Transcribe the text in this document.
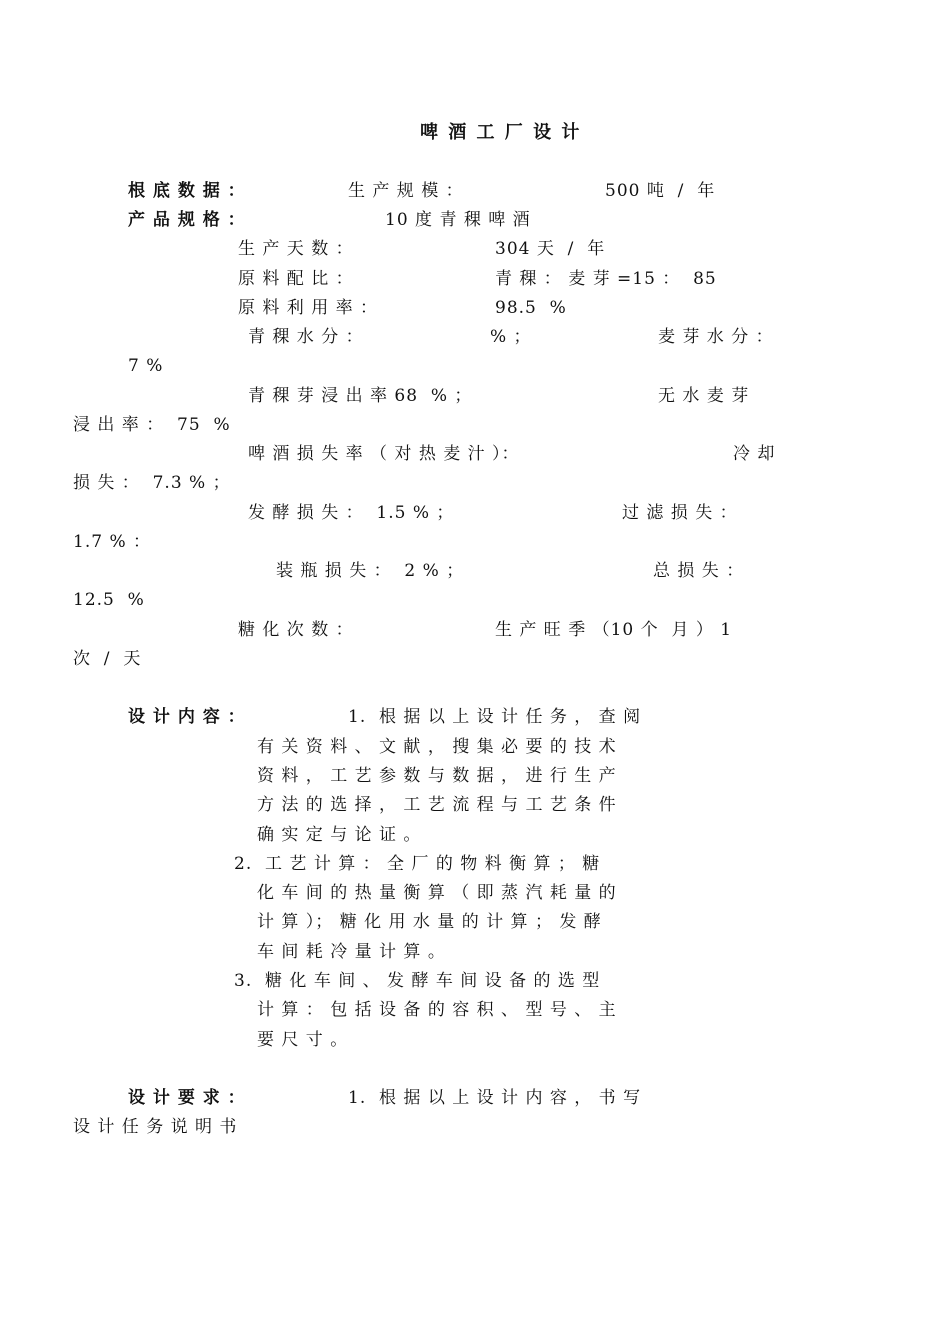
啤 酒 工 厂 设 计
根 底 数 据 ：	生 产 规 模 ：	500 吨  /  年
产 品 规 格 ：	10 度 青 稞 啤 酒
生 产 天 数 ：	304 天  /  年
原 料 配 比 ：	青 稞 ： 麦 芽 =15 ：  85
原 料 利 用 率 ：	98.5  %
青 稞 水 分 ：	% ；	麦 芽 水 分 ：
7 %
青 稞 芽 浸 出 率 68  % ；	无 水 麦 芽
浸 出 率 ：  75  %
啤 酒 损 失 率 （ 对 热 麦 汁 ）：	冷 却
损 失 ：  7.3 % ；
发 酵 损 失 ：  1.5 % ；	过 滤 损 失 ：
1.7 % ：
装 瓶 损 失 ：  2 % ；	总 损 失 ：
12.5  %
糖 化 次 数 ：	生 产 旺 季 （10 个  月 ） 1
次  /  天
设 计 内 容 ：	1.  根 据 以 上 设 计 任 务 ， 查 阅
有 关 资 料 、 文 献 ， 搜 集 必 要 的 技 术
资 料 ， 工 艺 参 数 与 数 据 ， 进 行 生 产
方 法 的 选 择 ， 工 艺 流 程 与 工 艺 条 件
确 实 定 与 论 证 。
2.  工 艺 计 算 ： 全 厂 的 物 料 衡 算 ； 糖
化 车 间 的 热 量 衡 算 （ 即 蒸 汽 耗 量 的
计 算 ）； 糖 化 用 水 量 的 计 算 ； 发 酵
车 间 耗 冷 量 计 算 。
3.  糖 化 车 间 、 发 酵 车 间 设 备 的 选 型
计 算 ： 包 括 设 备 的 容 积 、 型 号 、 主
要 尺 寸 。
设 计 要 求 ：	1.  根 据 以 上 设 计 内 容 ， 书 写
设 计 任 务 说 明 书
